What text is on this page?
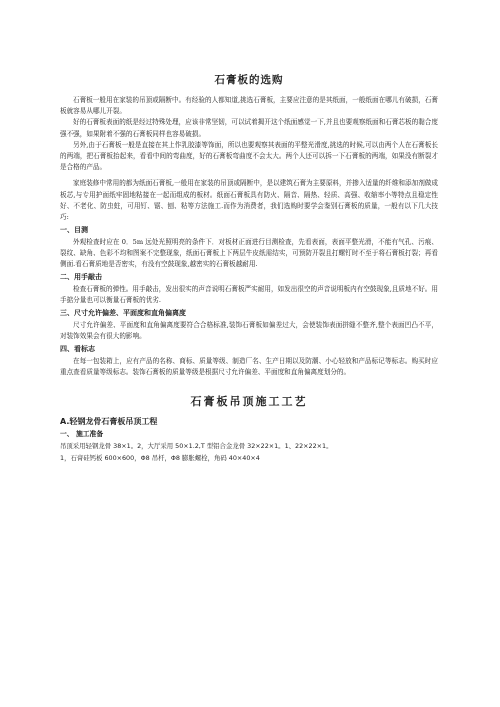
石膏板的选购

石膏板一般用在家装的吊顶或隔断中。有经验的人都知道,挑选石膏板，主要应注意的是其纸面，一般纸面在哪儿有破损，石膏板就容易从哪儿开裂。

好的石膏板表面的纸是经过特殊处理，应该非常坚韧，可以试着揭开这个纸面感觉一下,并且也要观察纸面和石膏芯板的黏合度强不强，如果附着不强的石膏板同样也容易破损。

另外,由于石膏板一般是直接在其上作乳胶漆等饰面，所以也要观察其表面的平整光滑度,挑选的时候,可以由两个人在石膏板长的两端，把石膏板抬起来，看看中间的弯曲度，好的石膏板弯曲度不会太大。两个人还可以拆一下石膏板的两端，如果没有断裂才是合格的产品。

家庭装修中常用的都为纸面石膏板,一般用在家装的吊顶或隔断中，是以建筑石膏为主要原料，并掺入适量的纤维和添加剂做成板芯,与专用护面纸牢固地粘接在一起而组成的板材。纸面石膏板具有防火、隔音、隔热、轻质、高强、收缩率小等特点且稳定性好、不老化、防虫蛀，可用钉、锯、刨、粘等方法施工.而作为消费者，我们选购时要学会鉴别石膏板的质量，一般有以下几大技巧:

一、目测

外观检查时应在 0．5m 远处光照明亮的条件下．对板材正面进行目测检查，先看表面，表面平整光滑，不能有气孔、污痕、裂纹、缺角、色彩不均和图案不完整现象，纸面石膏板上下两层牛皮纸需结实，可预防开裂且打螺钉时不至于将石膏板打裂；再看侧面.看石膏质地是否密实，有没有空鼓现象,越密实的石膏板越耐用.

二、用手敲击

检查石膏板的弹性。用手敲击，发出很实的声音说明石膏板严实耐用，如发出很空的声音说明板内有空鼓现象,且质地不好。用手掂分量也可以衡量石膏板的优劣.

三、尺寸允许偏差、平面度和直角偏离度

尺寸允许偏差、平面度和直角偏离度要符合合格标准,装饰石膏板如偏差过大，会使装饰表面拼缝不整齐,整个表面凹凸不平，对装饰效果会有很大的影响。

四、看标志

在每一包装箱上，应有产品的名称、商标、质量等级、制造厂名、生产日期以及防潮、小心轻放和产品标记等标志。购买时应重点查看质量等级标志。装饰石膏板的质量等级是根据尺寸允许偏差、平面度和直角偏离度划分的。

石膏板吊顶施工工艺
A.轻钢龙骨石膏板吊顶工程
一、 施工准备

吊顶采用轻钢龙骨 38×1。2，大厅采用 50×1.2,T 型铝合金龙骨 32×22×1。1、22×22×1。

1，石膏硅钙板 600×600，Φ8 吊杆，Φ8 膨胀螺栓，角码 40×40×4
